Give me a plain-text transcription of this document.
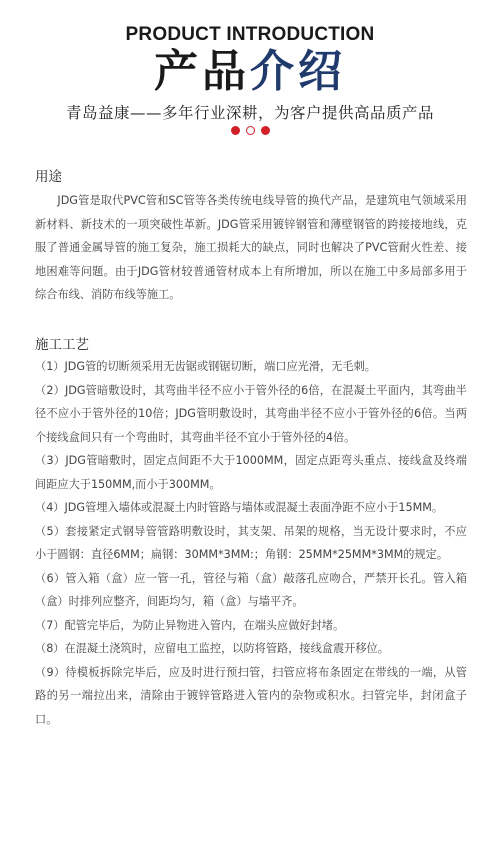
PRODUCT INTRODUCTION
产品介绍
青岛益康——多年行业深耕，为客户提供高品质产品
用途

JDG管是取代PVC管和SC管等各类传统电线导管的换代产品，是建筑电气领域采用新材料、新技术的一项突破性革新。JDG管采用镀锌钢管和薄壁钢管的跨接接地线，克服了普通金属导管的施工复杂，施工损耗大的缺点，同时也解决了PVC管耐火性差、接地困难等问题。由于JDG管材较普通管材成本上有所增加，所以在施工中多局部多用于综合布线、消防布线等施工。

施工工艺

（1）JDG管的切断须采用无齿锯或钢锯切断，端口应光滑，无毛刺。

（2）JDG管暗敷设时，其弯曲半径不应小于管外径的6倍，在混凝土平面内，其弯曲半径不应小于管外径的10倍；JDG管明敷设时，其弯曲半径不应小于管外径的6倍。当两个接线盒间只有一个弯曲时，其弯曲半径不宜小于管外径的4倍。

（3）JDG管暗敷时，固定点间距不大于1000MM，固定点距弯头重点、接线盒及终端间距应大于150MM,而小于300MM。

（4）JDG管埋入墙体或混凝土内时管路与墙体或混凝土表面净距不应小于15MM。

（5）套接紧定式钢导管管路明敷设时，其支架、吊架的规格，当无设计要求时，不应小于圆钢：直径6MM；扁钢：30MM*3MM:；角钢：25MM*25MM*3MM的规定。

（6）管入箱（盒）应一管一孔，管径与箱（盒）敲落孔应吻合，严禁开长孔。管入箱（盒）时排列应整齐，间距均匀，箱（盒）与墙平齐。

（7）配管完毕后，为防止异物进入管内，在端头应做好封堵。

（8）在混凝土浇筑时，应留电工监控，以防将管路，接线盒震开移位。

（9）待模板拆除完毕后，应及时进行预扫管，扫管应将布条固定在带线的一端，从管路的另一端拉出来，清除由于镀锌管路进入管内的杂物或积水。扫管完毕，封闭盒子口。
